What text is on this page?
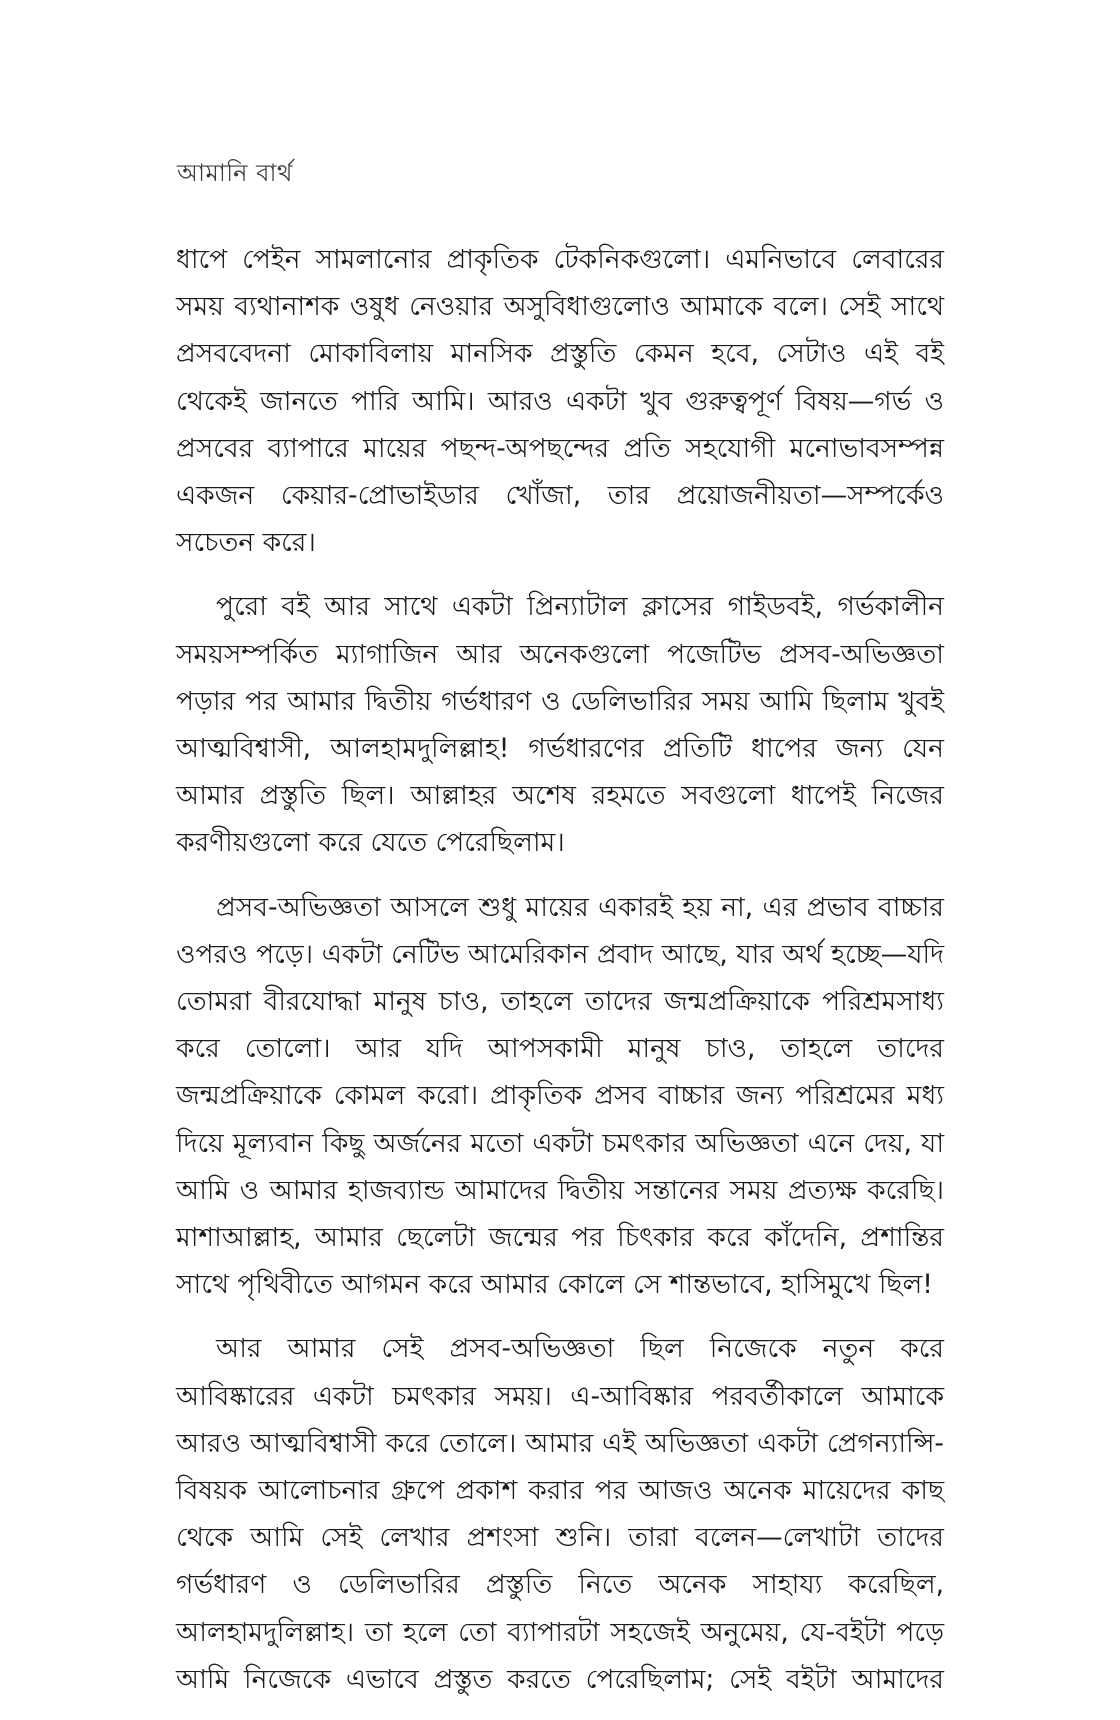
আমানি বার্থ

ধাপে পেইন সামলানোর প্রাকৃতিক টেকনিকগুলো। এমনিভাবে লেবারের সময় ব্যথানাশক ওষুধ নেওয়ার অসুবিধাগুলোও আমাকে বলে। সেই সাথে প্রসববেদনা মোকাবিলায় মানসিক প্রস্তুতি কেমন হবে, সেটাও এই বই থেকেই জানতে পারি আমি। আরও একটা খুব গুরুত্বপূর্ণ বিষয়—গর্ভ ও প্রসবের ব্যাপারে মায়ের পছন্দ-অপছন্দের প্রতি সহযোগী মনোভাবসম্পন্ন একজন কেয়ার-প্রোভাইডার খোঁজা, তার প্রয়োজনীয়তা—সম্পর্কেও সচেতন করে।

পুরো বই আর সাথে একটা প্রিন্যাটাল ক্লাসের গাইডবই, গর্ভকালীন সময়সম্পর্কিত ম্যাগাজিন আর অনেকগুলো পজেটিভ প্রসব-অভিজ্ঞতা পড়ার পর আমার দ্বিতীয় গর্ভধারণ ও ডেলিভারির সময় আমি ছিলাম খুবই আত্মবিশ্বাসী, আলহামদুলিল্লাহ! গর্ভধারণের প্রতিটি ধাপের জন্য যেন আমার প্রস্তুতি ছিল। আল্লাহর অশেষ রহমতে সবগুলো ধাপেই নিজের করণীয়গুলো করে যেতে পেরেছিলাম।

প্রসব-অভিজ্ঞতা আসলে শুধু মায়ের একারই হয় না, এর প্রভাব বাচ্চার ওপরও পড়ে। একটা নেটিভ আমেরিকান প্রবাদ আছে, যার অর্থ হচ্ছে—যদি তোমরা বীরযোদ্ধা মানুষ চাও, তাহলে তাদের জন্মপ্রক্রিয়াকে পরিশ্রমসাধ্য করে তোলো। আর যদি আপসকামী মানুষ চাও, তাহলে তাদের জন্মপ্রক্রিয়াকে কোমল করো। প্রাকৃতিক প্রসব বাচ্চার জন্য পরিশ্রমের মধ্য দিয়ে মূল্যবান কিছু অর্জনের মতো একটা চমৎকার অভিজ্ঞতা এনে দেয়, যা আমি ও আমার হাজব্যান্ড আমাদের দ্বিতীয় সন্তানের সময় প্রত্যক্ষ করেছি। মাশাআল্লাহ, আমার ছেলেটা জন্মের পর চিৎকার করে কাঁদেনি, প্রশান্তির সাথে পৃথিবীতে আগমন করে আমার কোলে সে শান্তভাবে, হাসিমুখে ছিল!

আর আমার সেই প্রসব-অভিজ্ঞতা ছিল নিজেকে নতুন করে আবিষ্কারের একটা চমৎকার সময়। এ-আবিষ্কার পরবর্তীকালে আমাকে আরও আত্মবিশ্বাসী করে তোলে। আমার এই অভিজ্ঞতা একটা প্রেগন্যান্সি-বিষয়ক আলোচনার গ্রুপে প্রকাশ করার পর আজও অনেক মায়েদের কাছ থেকে আমি সেই লেখার প্রশংসা শুনি। তারা বলেন—লেখাটা তাদের গর্ভধারণ ও ডেলিভারির প্রস্তুতি নিতে অনেক সাহায্য করেছিল, আলহামদুলিল্লাহ। তা হলে তো ব্যাপারটা সহজেই অনুমেয়, যে-বইটা পড়ে আমি নিজেকে এভাবে প্রস্তুত করতে পেরেছিলাম; সেই বইটা আমাদের
